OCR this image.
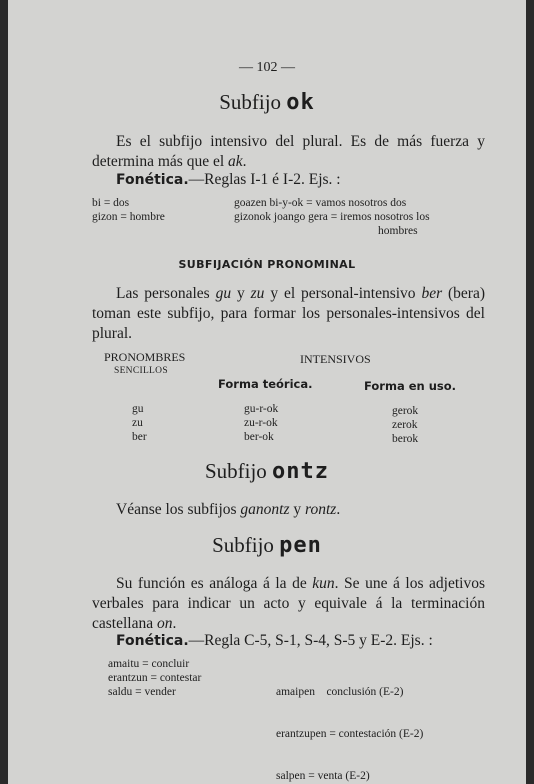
— 102 —
Subfijo ok
Es el subfijo intensivo del plural. Es de más fuerza y determina más que el ak.
Fonética.—Reglas I-1 é I-2. Ejs. :
bi = dos
gizon = hombre
goazen bi-y-ok = vamos nosotros dos
gizonok joango gera = iremos nosotros los
hombres
SUBFIJACIÓN PRONOMINAL
Las personales gu y zu y el personal-intensivo ber (bera) toman este subfijo, para formar los personales-intensivos del plural.
PRONOMBRES
SENCILLOS
INTENSIVOS
Forma teórica.	Forma en uso.
gu
zu
ber
gu-r-ok
zu-r-ok
ber-ok
gerok
zerok
berok
Subfijo ontz
Véanse los subfijos ganontz y rontz.
Subfijo pen
Su función es análoga á la de kun. Se une á los adjetivos verbales para indicar un acto y equivale á la terminación castellana on.
Fonética.—Regla C-5, S-1, S-4, S-5 y E-2. Ejs. :
amaitu = concluir
erantzun = contestar
saldu = vender

	amaipen    conclusión (E-2)

erantzupen = contestación (E-2)

salpen = venta (E-2)
